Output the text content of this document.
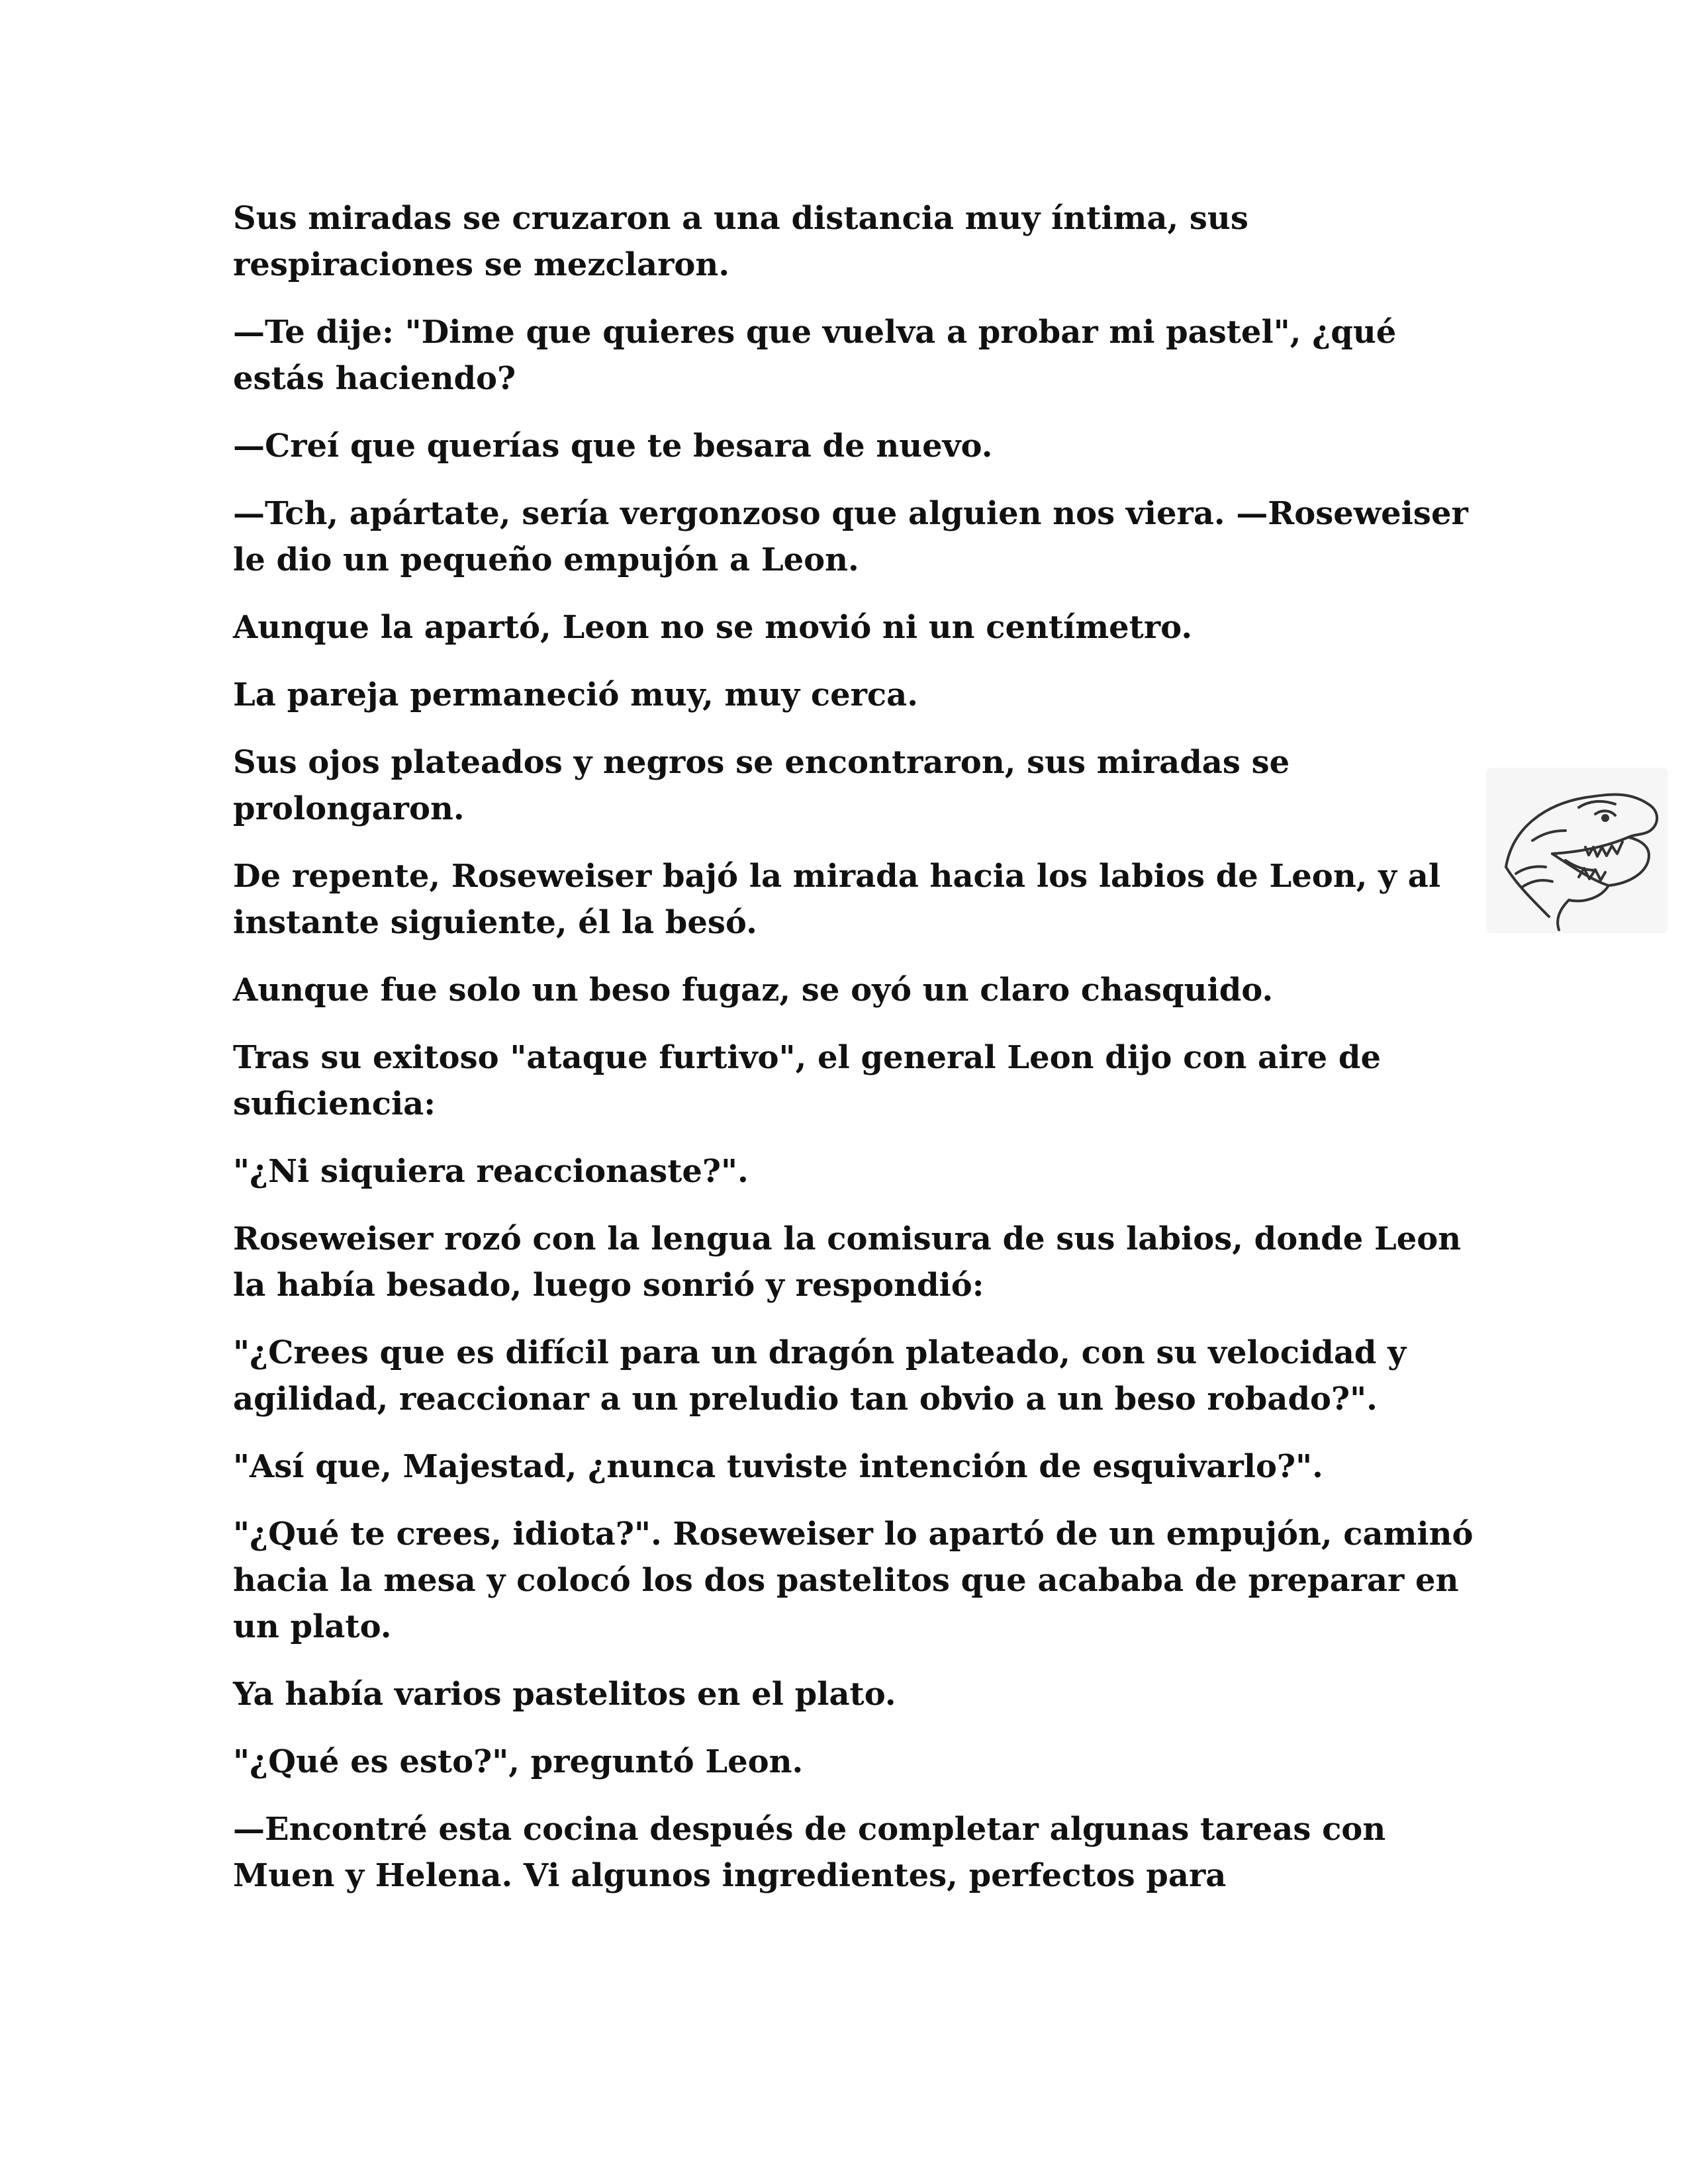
Sus miradas se cruzaron a una distancia muy íntima, sus respiraciones se mezclaron.

—Te dije: "Dime que quieres que vuelva a probar mi pastel", ¿qué estás haciendo?

—Creí que querías que te besara de nuevo.

—Tch, apártate, sería vergonzoso que alguien nos viera. —Roseweiser le dio un pequeño empujón a Leon.

Aunque la apartó, Leon no se movió ni un centímetro.

La pareja permaneció muy, muy cerca.

Sus ojos plateados y negros se encontraron, sus miradas se prolongaron.

De repente, Roseweiser bajó la mirada hacia los labios de Leon, y al instante siguiente, él la besó.

Aunque fue solo un beso fugaz, se oyó un claro chasquido.

Tras su exitoso "ataque furtivo", el general Leon dijo con aire de suficiencia:

"¿Ni siquiera reaccionaste?".

Roseweiser rozó con la lengua la comisura de sus labios, donde Leon la había besado, luego sonrió y respondió:

"¿Crees que es difícil para un dragón plateado, con su velocidad y agilidad, reaccionar a un preludio tan obvio a un beso robado?".

"Así que, Majestad, ¿nunca tuviste intención de esquivarlo?".

"¿Qué te crees, idiota?". Roseweiser lo apartó de un empujón, caminó hacia la mesa y colocó los dos pastelitos que acababa de preparar en un plato.

Ya había varios pastelitos en el plato.

"¿Qué es esto?", preguntó Leon.

—Encontré esta cocina después de completar algunas tareas con Muen y Helena. Vi algunos ingredientes, perfectos para
